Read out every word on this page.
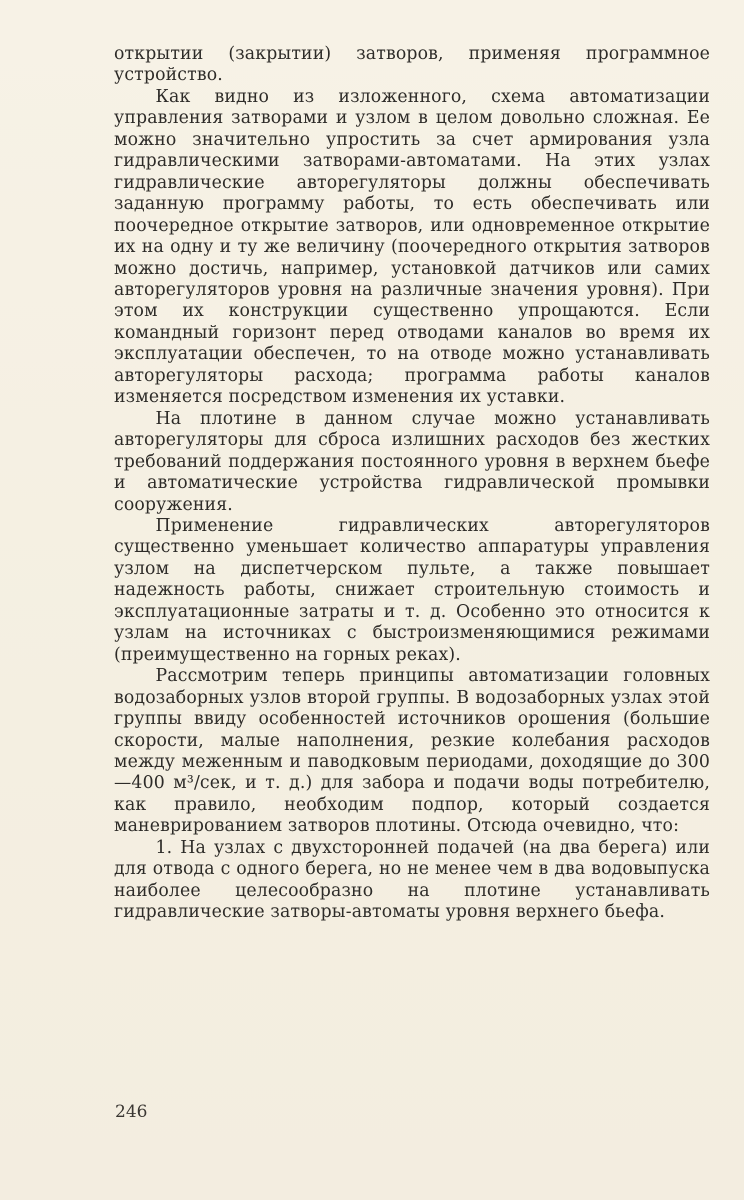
открытии (закрытии) затворов, применяя программное устройство.

Как видно из изложенного, схема автоматизации управления затворами и узлом в целом довольно сложная. Ее можно значительно упростить за счет армирования узла гидравлическими затворами-автоматами. На этих узлах гидравлические авторегуляторы должны обеспечивать заданную программу работы, то есть обеспечивать или поочередное открытие затворов, или одновременное открытие их на одну и ту же величину (поочередного открытия затворов можно достичь, например, установкой датчиков или самих авторегуляторов уровня на различные значения уровня). При этом их конструкции существенно упрощаются. Если командный горизонт перед отводами каналов во время их эксплуатации обеспечен, то на отводе можно устанавливать авторегуляторы расхода; программа работы каналов изменяется посредством изменения их уставки.

На плотине в данном случае можно устанавливать авторегуляторы для сброса излишних расходов без жестких требований поддержания постоянного уровня в верхнем бьефе и автоматические устройства гидравлической промывки сооружения.

Применение гидравлических авторегуляторов существенно уменьшает количество аппаратуры управления узлом на диспетчерском пульте, а также повышает надежность работы, снижает строительную стоимость и эксплуатационные затраты и т. д. Особенно это относится к узлам на источниках с быстроизменяющимися режимами (преимущественно на горных реках).

Рассмотрим теперь принципы автоматизации головных водозаборных узлов второй группы. В водозаборных узлах этой группы ввиду особенностей источников орошения (большие скорости, малые наполнения, резкие колебания расходов между меженным и паводковым периодами, доходящие до 300—400 м³/сек, и т. д.) для забора и подачи воды потребителю, как правило, необходим подпор, который создается маневрированием затворов плотины. Отсюда очевидно, что:

1. На узлах с двухсторонней подачей (на два берега) или для отвода с одного берега, но не менее чем в два водовыпуска наиболее целесообразно на плотине устанавливать гидравлические затворы-автоматы уровня верхнего бьефа.

246
